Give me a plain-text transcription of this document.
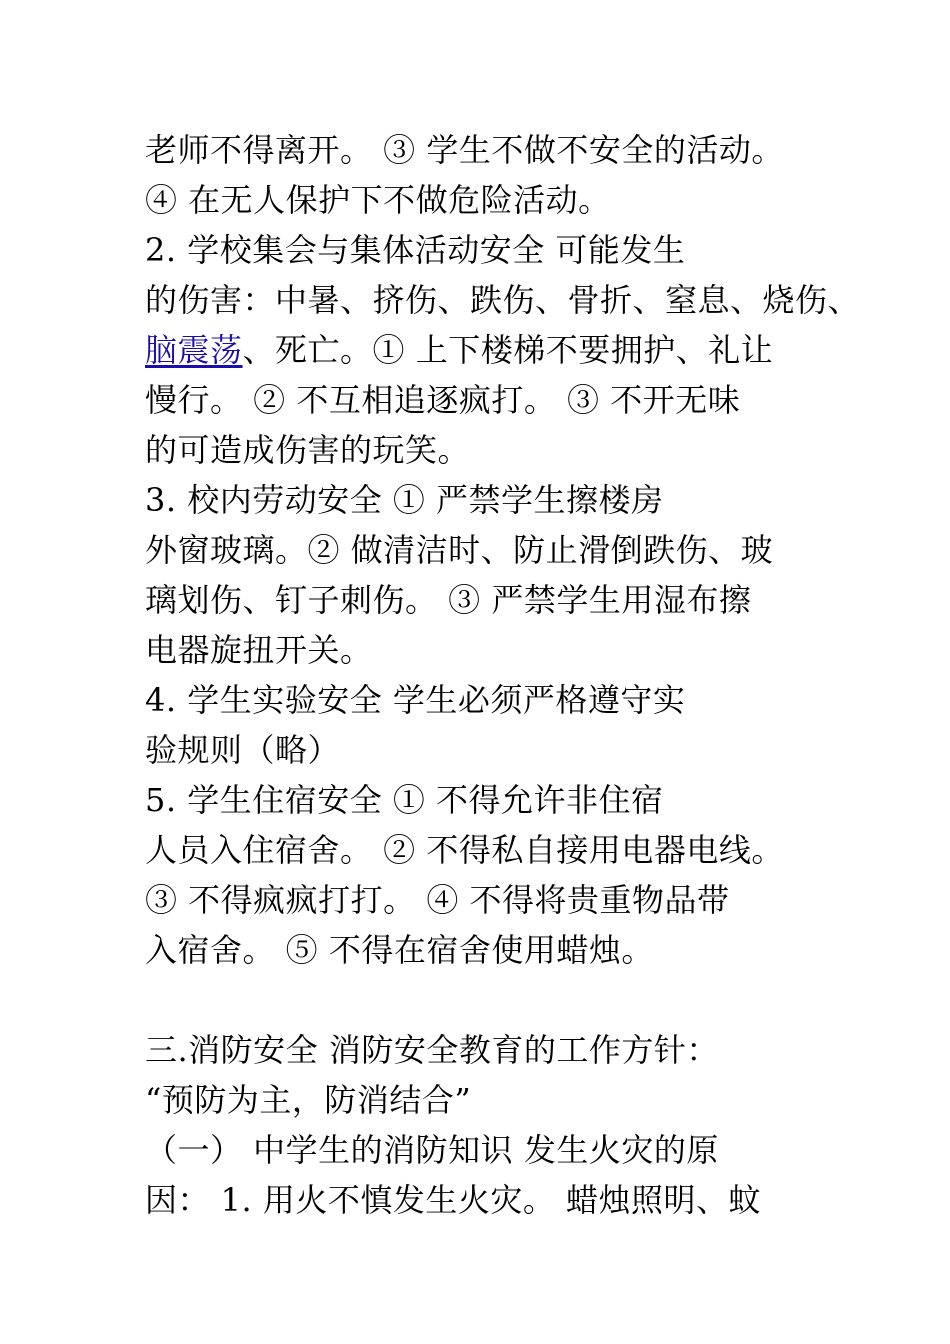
老师不得离开。 ③ 学生不做不安全的活动。
④ 在无人保护下不做危险活动。
2. 学校集会与集体活动安全 可能发生
的伤害：中暑、挤伤、跌伤、骨折、窒息、烧伤、
脑震荡、死亡。① 上下楼梯不要拥护、礼让
慢行。 ② 不互相追逐疯打。 ③ 不开无味
的可造成伤害的玩笑。
3. 校内劳动安全 ① 严禁学生擦楼房
外窗玻璃。② 做清洁时、防止滑倒跌伤、玻
璃划伤、钉子刺伤。 ③ 严禁学生用湿布擦
电器旋扭开关。
4. 学生实验安全 学生必须严格遵守实
验规则（略）
5. 学生住宿安全 ① 不得允许非住宿
人员入住宿舍。 ② 不得私自接用电器电线。
③ 不得疯疯打打。 ④ 不得将贵重物品带
入宿舍。 ⑤ 不得在宿舍使用蜡烛。
三.消防安全 消防安全教育的工作方针：
“预防为主，防消结合”
（一） 中学生的消防知识 发生火灾的原
因： 1. 用火不慎发生火灾。 蜡烛照明、蚊
